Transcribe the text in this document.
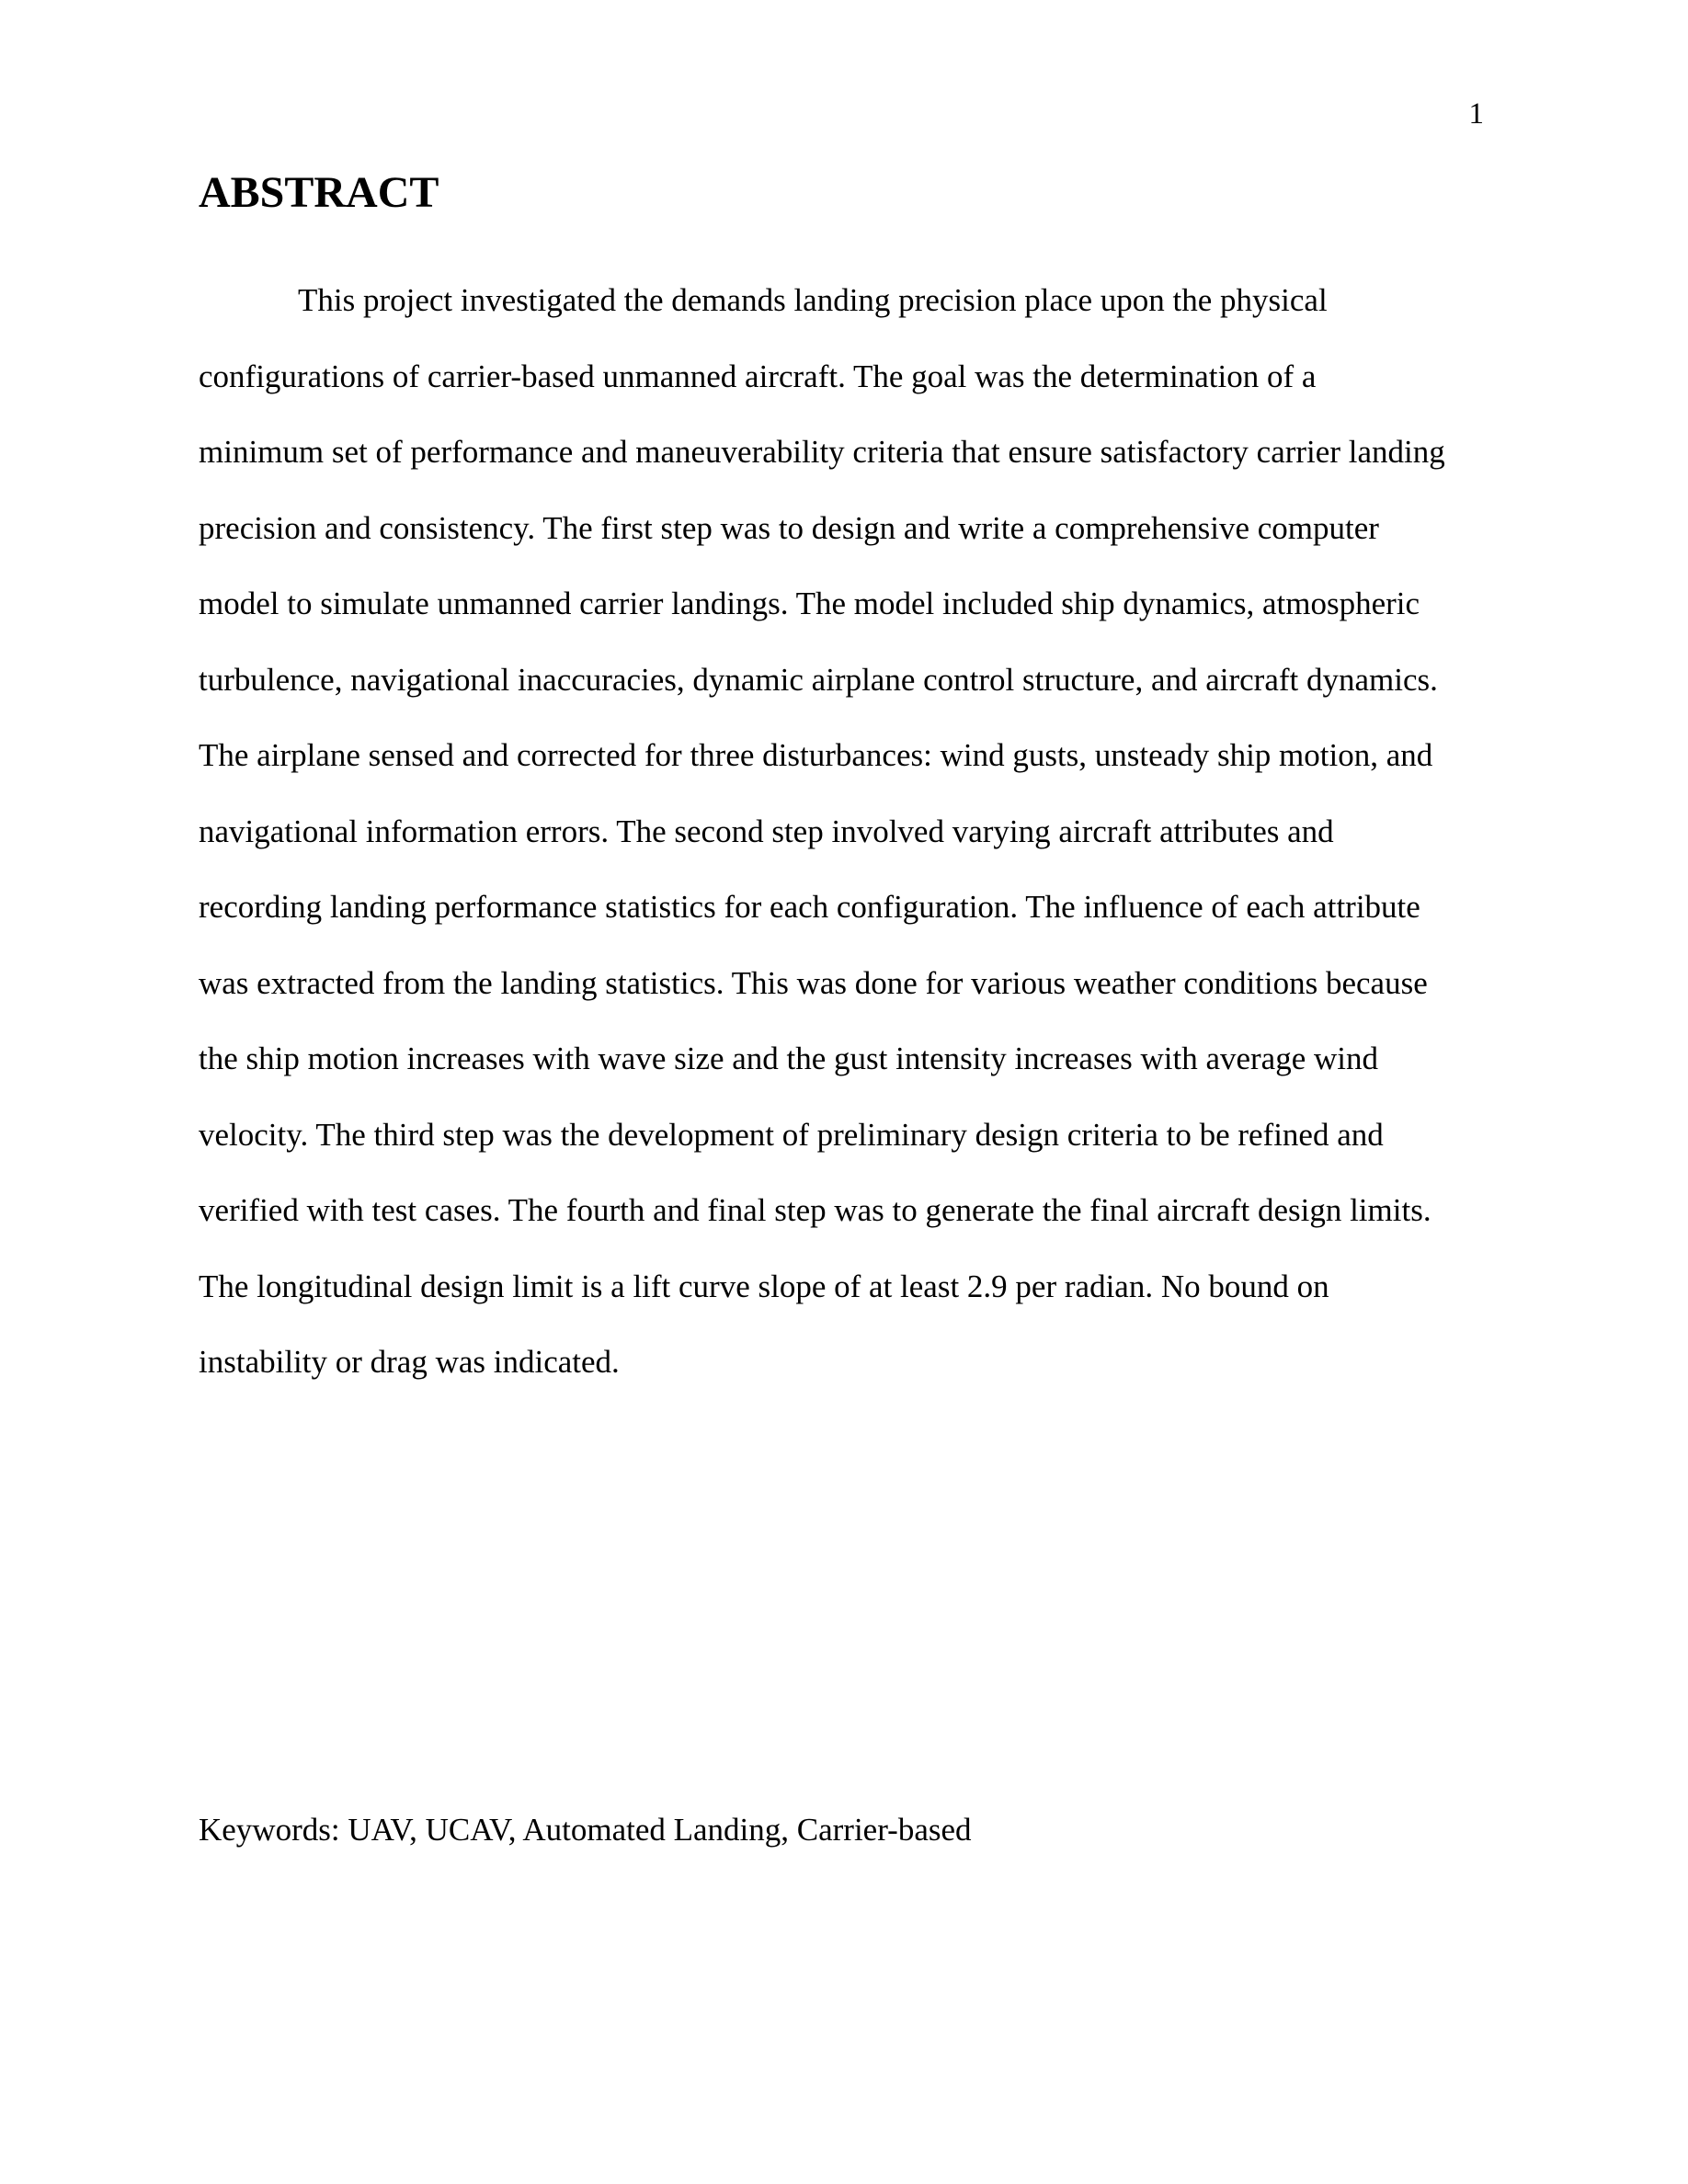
1
ABSTRACT
This project investigated the demands landing precision place upon the physical
configurations of carrier-based unmanned aircraft. The goal was the determination of a
minimum set of performance and maneuverability criteria that ensure satisfactory carrier landing
precision and consistency. The first step was to design and write a comprehensive computer
model to simulate unmanned carrier landings. The model included ship dynamics, atmospheric
turbulence, navigational inaccuracies, dynamic airplane control structure, and aircraft dynamics.
The airplane sensed and corrected for three disturbances: wind gusts, unsteady ship motion, and
navigational information errors. The second step involved varying aircraft attributes and
recording landing performance statistics for each configuration. The influence of each attribute
was extracted from the landing statistics. This was done for various weather conditions because
the ship motion increases with wave size and the gust intensity increases with average wind
velocity. The third step was the development of preliminary design criteria to be refined and
verified with test cases. The fourth and final step was to generate the final aircraft design limits.
The longitudinal design limit is a lift curve slope of at least 2.9 per radian. No bound on
instability or drag was indicated.

Keywords: UAV, UCAV, Automated Landing, Carrier-based
